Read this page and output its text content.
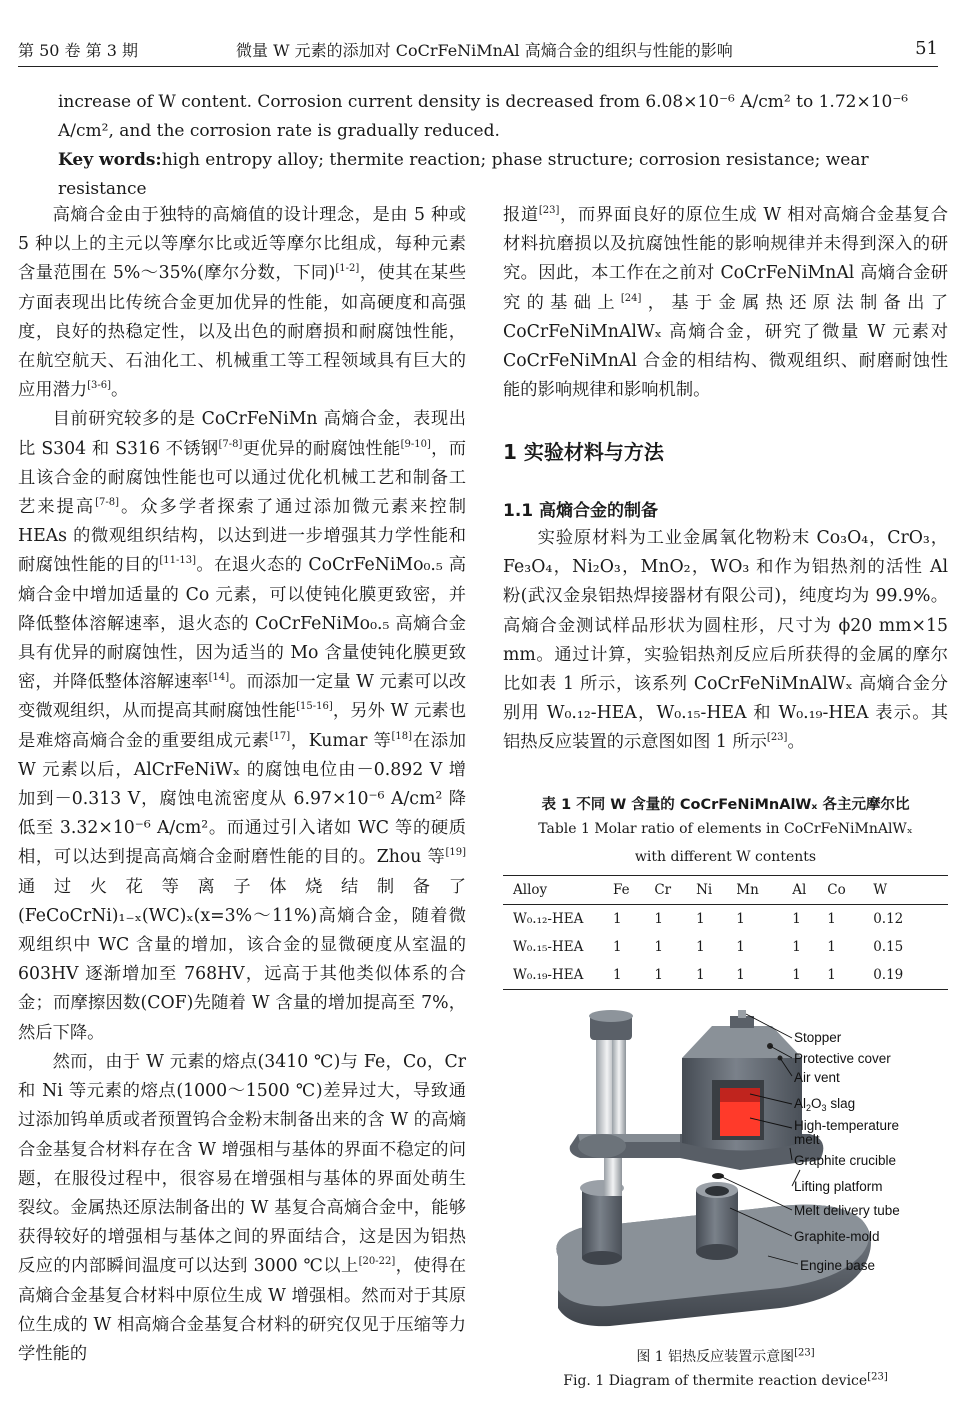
第 50 卷 第 3 期	微量 W 元素的添加对 CoCrFeNiMnAl 高熵合金的组织与性能的影响	51

increase of W content. Corrosion current density is decreased from 6.08×10⁻⁶ A/cm² to 1.72×10⁻⁶

A/cm², and the corrosion rate is gradually reduced.

Key words:high entropy alloy; thermite reaction; phase structure; corrosion resistance; wear resistance

高熵合金由于独特的高熵值的设计理念，是由 5 种或 5 种以上的主元以等摩尔比或近等摩尔比组成，每种元素含量范围在 5%～35%(摩尔分数，下同)[1-2]，使其在某些方面表现出比传统合金更加优异的性能，如高硬度和高强度，良好的热稳定性，以及出色的耐磨损和耐腐蚀性能，在航空航天、石油化工、机械重工等工程领域具有巨大的应用潜力[3-6]。

目前研究较多的是 CoCrFeNiMn 高熵合金，表现出比 S304 和 S316 不锈钢[7-8]更优异的耐腐蚀性能[9-10]，而且该合金的耐腐蚀性能也可以通过优化机械工艺和制备工艺来提高[7-8]。众多学者探索了通过添加微元素来控制 HEAs 的微观组织结构，以达到进一步增强其力学性能和耐腐蚀性能的目的[11-13]。在退火态的 CoCrFeNiMo₀.₅ 高熵合金中增加适量的 Co 元素，可以使钝化膜更致密，并降低整体溶解速率，退火态的 CoCrFeNiMo₀.₅ 高熵合金具有优异的耐腐蚀性，因为适当的 Mo 含量使钝化膜更致密，并降低整体溶解速率[14]。而添加一定量 W 元素可以改变微观组织，从而提高其耐腐蚀性能[15-16]，另外 W 元素也是难熔高熵合金的重要组成元素[17]，Kumar 等[18]在添加 W 元素以后，AlCrFeNiWₓ 的腐蚀电位由－0.892 V 增加到－0.313 V，腐蚀电流密度从 6.97×10⁻⁶ A/cm² 降低至 3.32×10⁻⁶ A/cm²。而通过引入诸如 WC 等的硬质相，可以达到提高高熵合金耐磨性能的目的。Zhou 等[19]通过火花等离子体烧结制备了(FeCoCrNi)₁₋ₓ(WC)ₓ(x=3%～11%)高熵合金，随着微观组织中 WC 含量的增加，该合金的显微硬度从室温的 603HV 逐渐增加至 768HV，远高于其他类似体系的合金；而摩擦因数(COF)先随着 W 含量的增加提高至 7%，然后下降。

然而，由于 W 元素的熔点(3410 ℃)与 Fe，Co，Cr 和 Ni 等元素的熔点(1000～1500 ℃)差异过大，导致通过添加钨单质或者预置钨合金粉末制备出来的含 W 的高熵合金基复合材料存在含 W 增强相与基体的界面不稳定的问题，在服役过程中，很容易在增强相与基体的界面处萌生裂纹。金属热还原法制备出的 W 基复合高熵合金中，能够获得较好的增强相与基体之间的界面结合，这是因为铝热反应的内部瞬间温度可以达到 3000 ℃以上[20-22]，使得在高熵合金基复合材料中原位生成 W 增强相。然而对于其原位生成的 W 相高熵合金基复合材料的研究仅见于压缩等力学性能的

报道[23]，而界面良好的原位生成 W 相对高熵合金基复合材料抗磨损以及抗腐蚀性能的影响规律并未得到深入的研究。因此，本工作在之前对 CoCrFeNiMnAl 高熵合金研究的基础上[24]，基于金属热还原法制备出了 CoCrFeNiMnAlWₓ 高熵合金，研究了微量 W 元素对 CoCrFeNiMnAl 合金的相结构、微观组织、耐磨耐蚀性能的影响规律和影响机制。

1 实验材料与方法
1.1 高熵合金的制备

实验原材料为工业金属氧化物粉末 Co₃O₄，CrO₃，Fe₃O₄，Ni₂O₃，MnO₂，WO₃ 和作为铝热剂的活性 Al 粉(武汉金泉铝热焊接器材有限公司)，纯度均为 99.9%。高熵合金测试样品形状为圆柱形，尺寸为 ϕ20 mm×15 mm。通过计算，实验铝热剂反应后所获得的金属的摩尔比如表 1 所示，该系列 CoCrFeNiMnAlWₓ 高熵合金分别用 W₀.₁₂-HEA，W₀.₁₅-HEA 和 W₀.₁₉-HEA 表示。其铝热反应装置的示意图如图 1 所示[23]。

表 1 不同 W 含量的 CoCrFeNiMnAlWₓ 各主元摩尔比
Table 1 Molar ratio of elements in CoCrFeNiMnAlWₓ
with different W contents
Alloy	Fe	Cr	Ni	Mn	Al	Co	W
W₀.₁₂-HEA	1	1	1	1	1	1	0.12
W₀.₁₅-HEA	1	1	1	1	1	1	0.15
W₀.₁₉-HEA	1	1	1	1	1	1	0.19
Stopper
Protective cover
Air vent
$Al_2O_3$ slag
High-temperature
melt
Graphite crucible
Lifting platform
Melt delivery tube
Graphite-mold
Engine base
图 1 铝热反应装置示意图[23]
Fig. 1 Diagram of thermite reaction device[23]
